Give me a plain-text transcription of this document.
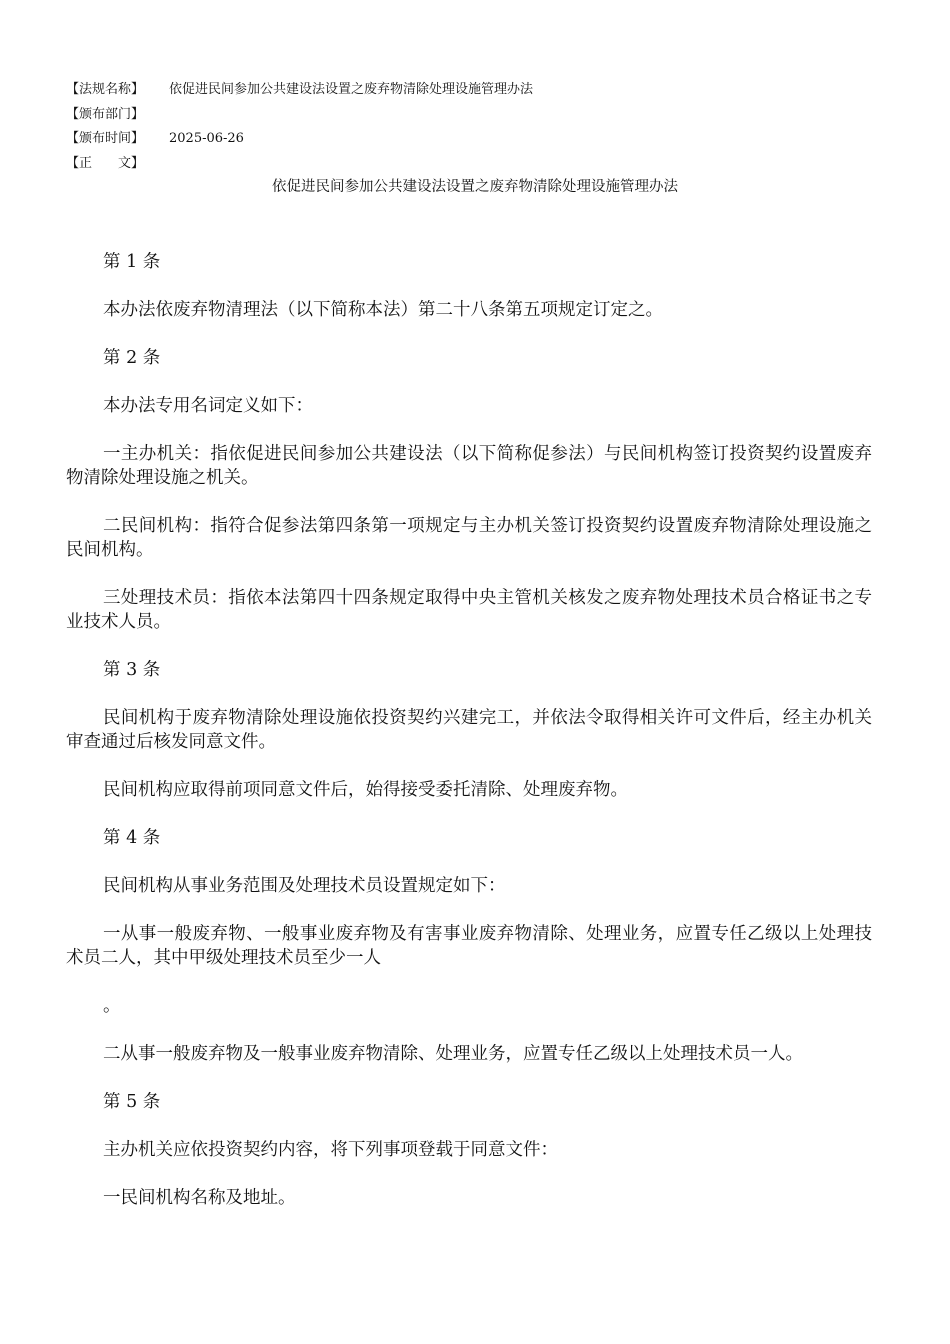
【法规名称】	依促进民间参加公共建设法设置之废弃物清除处理设施管理办法
【颁布部门】
【颁布时间】	2025-06-26
【正　　文】
依促进民间参加公共建设法设置之废弃物清除处理设施管理办法

第 1 条

本办法依废弃物清理法（以下简称本法）第二十八条第五项规定订定之。

第 2 条

本办法专用名词定义如下：

一主办机关：指依促进民间参加公共建设法（以下简称促参法）与民间机构签订投资契约设置废弃物清除处理设施之机关。

二民间机构：指符合促参法第四条第一项规定与主办机关签订投资契约设置废弃物清除处理设施之民间机构。

三处理技术员：指依本法第四十四条规定取得中央主管机关核发之废弃物处理技术员合格证书之专业技术人员。

第 3 条

民间机构于废弃物清除处理设施依投资契约兴建完工，并依法令取得相关许可文件后，经主办机关审查通过后核发同意文件。

民间机构应取得前项同意文件后，始得接受委托清除、处理废弃物。

第 4 条

民间机构从事业务范围及处理技术员设置规定如下：

一从事一般废弃物、一般事业废弃物及有害事业废弃物清除、处理业务，应置专任乙级以上处理技术员二人，其中甲级处理技术员至少一人

。

二从事一般废弃物及一般事业废弃物清除、处理业务，应置专任乙级以上处理技术员一人。

第 5 条

主办机关应依投资契约内容，将下列事项登载于同意文件：

一民间机构名称及地址。
